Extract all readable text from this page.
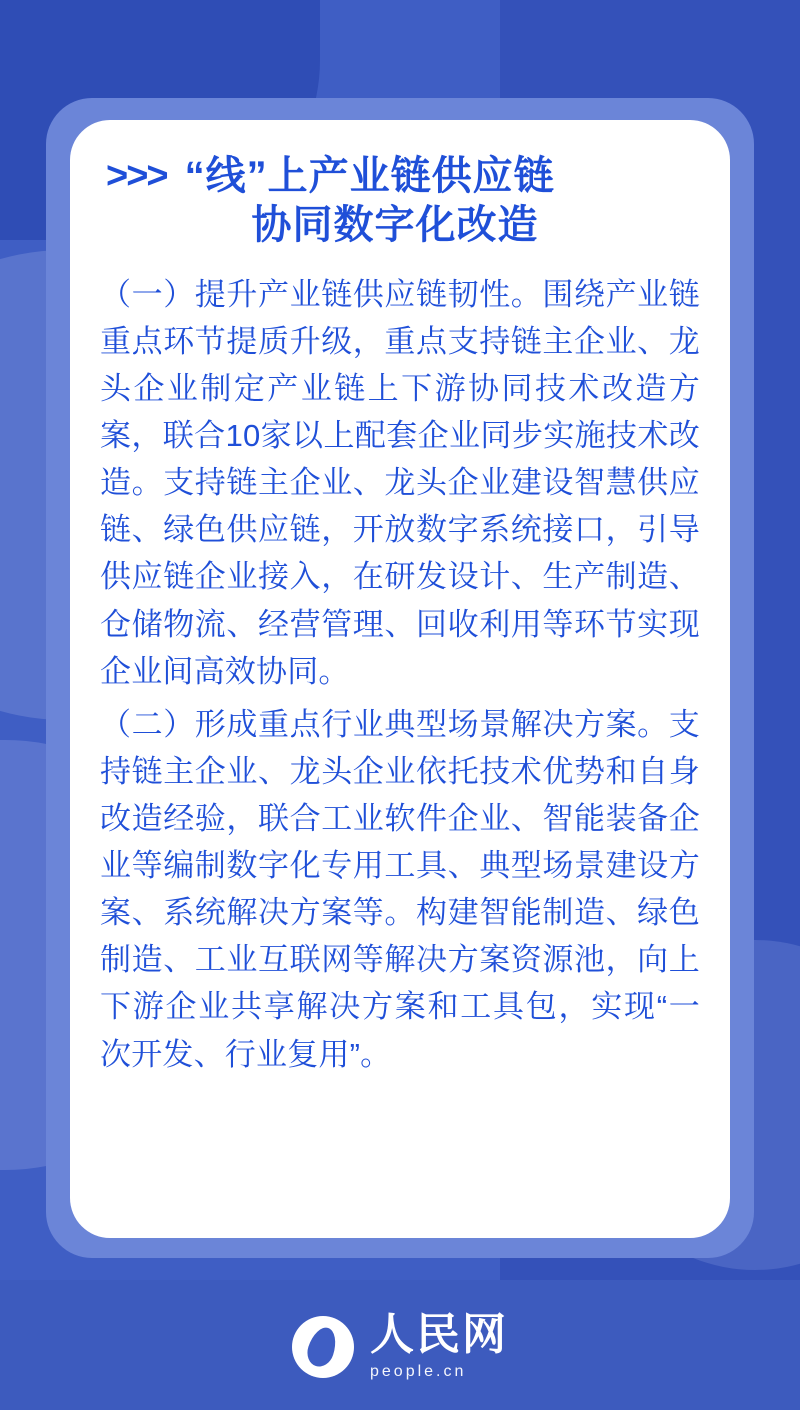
>>> “线”上产业链供应链
协同数字化改造

（一）提升产业链供应链韧性。围绕产业链重点环节提质升级，重点支持链主企业、龙头企业制定产业链上下游协同技术改造方案，联合10家以上配套企业同步实施技术改造。支持链主企业、龙头企业建设智慧供应链、绿色供应链，开放数字系统接口，引导供应链企业接入，在研发设计、生产制造、仓储物流、经营管理、回收利用等环节实现企业间高效协同。

（二）形成重点行业典型场景解决方案。支持链主企业、龙头企业依托技术优势和自身改造经验，联合工业软件企业、智能装备企业等编制数字化专用工具、典型场景建设方案、系统解决方案等。构建智能制造、绿色制造、工业互联网等解决方案资源池，向上下游企业共享解决方案和工具包，实现“一次开发、行业复用”。

人民网
people.cn
